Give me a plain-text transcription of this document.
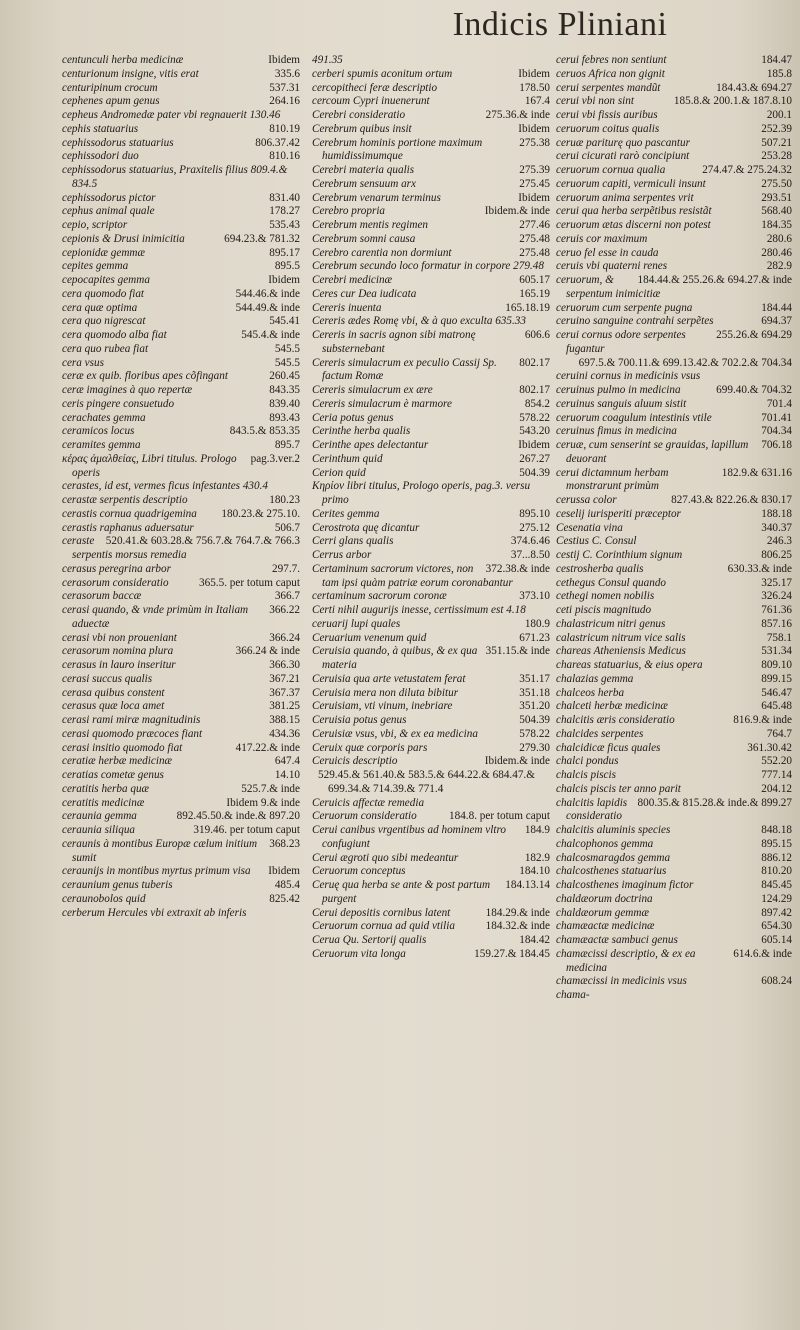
Indicis Pliniani
Ibidem
centunculi herba medicinæ
335.6
centurionum insigne, vitis erat
537.31
centuripinum crocum
264.16
cephenes apum genus
cepheus Andromedæ pater vbi regnauerit 130.46
810.19
cephis statuarius
806.37.42
cephissodorus statuarius
810.16
cephissodori duo
cephissodorus statuarius, Praxitelis filius 809.4.& 834.5
831.40
cephissodorus pictor
178.27
cephus animal quale
535.43
cepio, scriptor
694.23.& 781.32
cepionis & Drusi inimicitia
895.17
cepionidæ gemmæ
895.5
cepites gemma
Ibidem
cepocapites gemma
544.46.& inde
cera quomodo fiat
544.49.& inde
cera quæ optima
545.41
cera quo nigrescat
545.4.& inde
cera quomodo alba fiat
545.5
cera quo rubea fiat
545.5
cera vsus
260.45
ceræ ex quib. floribus apes cõfingant
843.35
ceræ imagines à quo repertæ
839.40
ceris pingere consuetudo
893.43
cerachates gemma
843.5.& 853.35
ceramicos locus
895.7
ceramites gemma
pag.3.ver.2
κέρας ἀμαλθείας, Libri titulus. Prologo operis
cerastes, id est, vermes ficus infestantes 430.4
180.23
cerastæ serpentis descriptio
180.23.& 275.10.
cerastis cornua quadrigemina
506.7
cerastis raphanus aduersatur
520.41.& 603.28.& 756.7.& 764.7.& 766.3
ceraste serpentis morsus remedia
297.7.
cerasus peregrina arbor
365.5. per totum caput
cerasorum consideratio
366.7
cerasorum baccæ
366.22
cerasi quando, & vnde primùm in Italiam aduectæ
366.24
cerasi vbi non proueniant
366.24 & inde
cerasorum nomina plura
366.30
cerasus in lauro inseritur
367.21
cerasi succus qualis
367.37
cerasa quibus constent
381.25
cerasus quæ loca amet
388.15
cerasi rami miræ magnitudinis
434.36
cerasi quomodo præcoces fiant
417.22.& inde
cerasi insitio quomodo fiat
647.4
ceratiæ herbæ medicinæ
14.10
ceratias cometæ genus
525.7.& inde
ceratitis herba quæ
Ibidem 9.& inde
ceratitis medicinæ
892.45.50.& inde.& 897.20
ceraunia gemma
319.46. per totum caput
ceraunia siliqua
368.23
ceraunis à montibus Europæ cælum initium sumit
Ibidem
ceraunijs in montibus myrtus primum visa
485.4
ceraunium genus tuberis
825.42
ceraunobolos quid
cerberum Hercules vbi extraxit ab inferis
491.35
Ibidem
cerberi spumis aconitum ortum
178.50
cercopitheci feræ descriptio
167.4
cercoum Cypri inuenerunt
275.36.& inde
Cerebri consideratio
Ibidem
Cerebrum quibus insit
275.38
Cerebrum hominis portione maximum humidissimumque
275.39
Cerebri materia qualis
275.45
Cerebrum sensuum arx
Ibidem
Cerebrum venarum terminus
Ibidem.& inde
Cerebro propria
277.46
Cerebrum mentis regimen
275.48
Cerebrum somni causa
275.48
Cerebro carentia non dormiunt
Cerebrum secundo loco formatur in corpore 279.48
605.17
Cerebri medicinæ
165.19
Ceres cur Dea iudicata
165.18.19
Cereris inuenta
Cereris ædes Romę vbi, & à quo exculta 635.33
606.6
Cereris in sacris agnon sibi matronę substernebant
802.17
Cereris simulacrum ex peculio Cassij Sp. factum Romæ
802.17
Cereris simulacrum ex ære
854.2
Cereris simulacrum è marmore
578.22
Ceria potus genus
543.20
Cerinthe herba qualis
Ibidem
Cerinthe apes delectantur
267.27
Cerinthum quid
504.39
Cerion quid
Κηρίον libri titulus, Prologo operis, pag.3. versu primo
895.10
Cerites gemma
275.12
Cerostrota quę dicantur
374.6.46
Cerri glans qualis
37...8.50
Cerrus arbor
372.38.& inde
Certaminum sacrorum victores, non tam ipsi quàm patriæ eorum coronabantur
373.10
certaminum sacrorum coronæ
Certi nihil augurijs inesse, certissimum est 4.18
180.9
ceruarij lupi quales
671.23
Ceruarium venenum quid
351.15.& inde
Ceruisia quando, à quibus, & ex qua materia
351.17
Ceruisia qua arte vetustatem ferat
351.18
Ceruisia mera non diluta bibitur
351.20
Ceruisiam, vti vinum, inebriare
504.39
Ceruisia potus genus
578.22
Ceruisiæ vsus, vbi, & ex ea medicina
279.30
Ceruix quæ corporis pars
Ibidem.& inde
Ceruicis descriptio
529.45.& 561.40.& 583.5.& 644.22.& 684.47.& 699.34.& 714.39.& 771.4
Ceruicis affectæ remedia
184.8. per totum caput
Ceruorum consideratio
184.9
Cerui canibus vrgentibus ad hominem vltro confugiunt
182.9
Cerui ægroti quo sibi medeantur
184.10
Ceruorum conceptus
184.13.14
Ceruę qua herba se ante & post partum purgent
184.29.& inde
Cerui depositis cornibus latent
184.32.& inde
Ceruorum cornua ad quid vtilia
184.42
Cerua Qu. Sertorij qualis
159.27.& 184.45
Ceruorum vita longa
184.47
cerui febres non sentiunt
185.8
ceruos Africa non gignit
184.43.& 694.27
cerui serpentes mandũt
185.8.& 200.1.& 187.8.10
cerui vbi non sint
200.1
cerui vbi fissis auribus
252.39
ceruorum coitus qualis
507.21
ceruæ pariturę quo pascantur
253.28
cerui cicurati rarò concipiunt
274.47.& 275.24.32
ceruorum cornua qualia
275.50
ceruorum capiti, vermiculi insunt
293.51
ceruorum anima serpentes vrit
568.40
cerui qua herba serpẽtibus resistãt
184.35
ceruorum ætas discerni non potest
280.6
ceruis cor maximum
280.46
ceruo fel esse in cauda
282.9
ceruis vbi quaterni renes
184.44.& 255.26.& 694.27.& inde
ceruorum, & serpentum inimicitiæ
184.44
ceruorum cum serpente pugna
694.37
ceruino sanguine contrahi serpẽtes
255.26.& 694.29
cerui cornus odore serpentes fugantur
697.5.& 700.11.& 699.13.42.& 702.2.& 704.34
ceruini cornus in medicinis vsus
699.40.& 704.32
ceruinus pulmo in medicina
701.4
ceruinus sanguis aluum sistit
701.41
ceruorum coagulum intestinis vtile
704.34
ceruinus fimus in medicina
706.18
ceruæ, cum senserint se grauidas, lapillum deuorant
182.9.& 631.16
cerui dictamnum herbam monstrarunt primùm
827.43.& 822.26.& 830.17
cerussa color
188.18
ceselij iurisperiti præceptor
340.37
Cesenatia vina
246.3
Cestius C. Consul
806.25
cestij C. Corinthium signum
630.33.& inde
cestrosherba qualis
325.17
cethegus Consul quando
326.24
cethegi nomen nobilis
761.36
ceti piscis magnitudo
857.16
chalastricum nitri genus
758.1
calastricum nitrum vice salis
531.34
chareas Atheniensis Medicus
809.10
chareas statuarius, & eius opera
899.15
chalazias gemma
546.47
chalceos herba
645.48
chalceti herbæ medicinæ
816.9.& inde
chalcitis æris consideratio
764.7
chalcides serpentes
361.30.42
chalcidicæ ficus quales
552.20
chalci pondus
777.14
chalcis piscis
204.12
chalcis piscis ter anno parit
800.35.& 815.28.& inde.& 899.27
chalcitis lapidis consideratio
848.18
chalcitis aluminis species
895.15
chalcophonos gemma
886.12
chalcosmaragdos gemma
810.20
chalcosthenes statuarius
845.45
chalcosthenes imaginum fictor
124.29
chaldæorum doctrina
897.42
chaldæorum gemmæ
654.30
chamæactæ medicinæ
605.14
chamæactæ sambuci genus
614.6.& inde
chamæcissi descriptio, & ex ea medicina
608.24
chamæcissi in medicinis vsus
chama-
